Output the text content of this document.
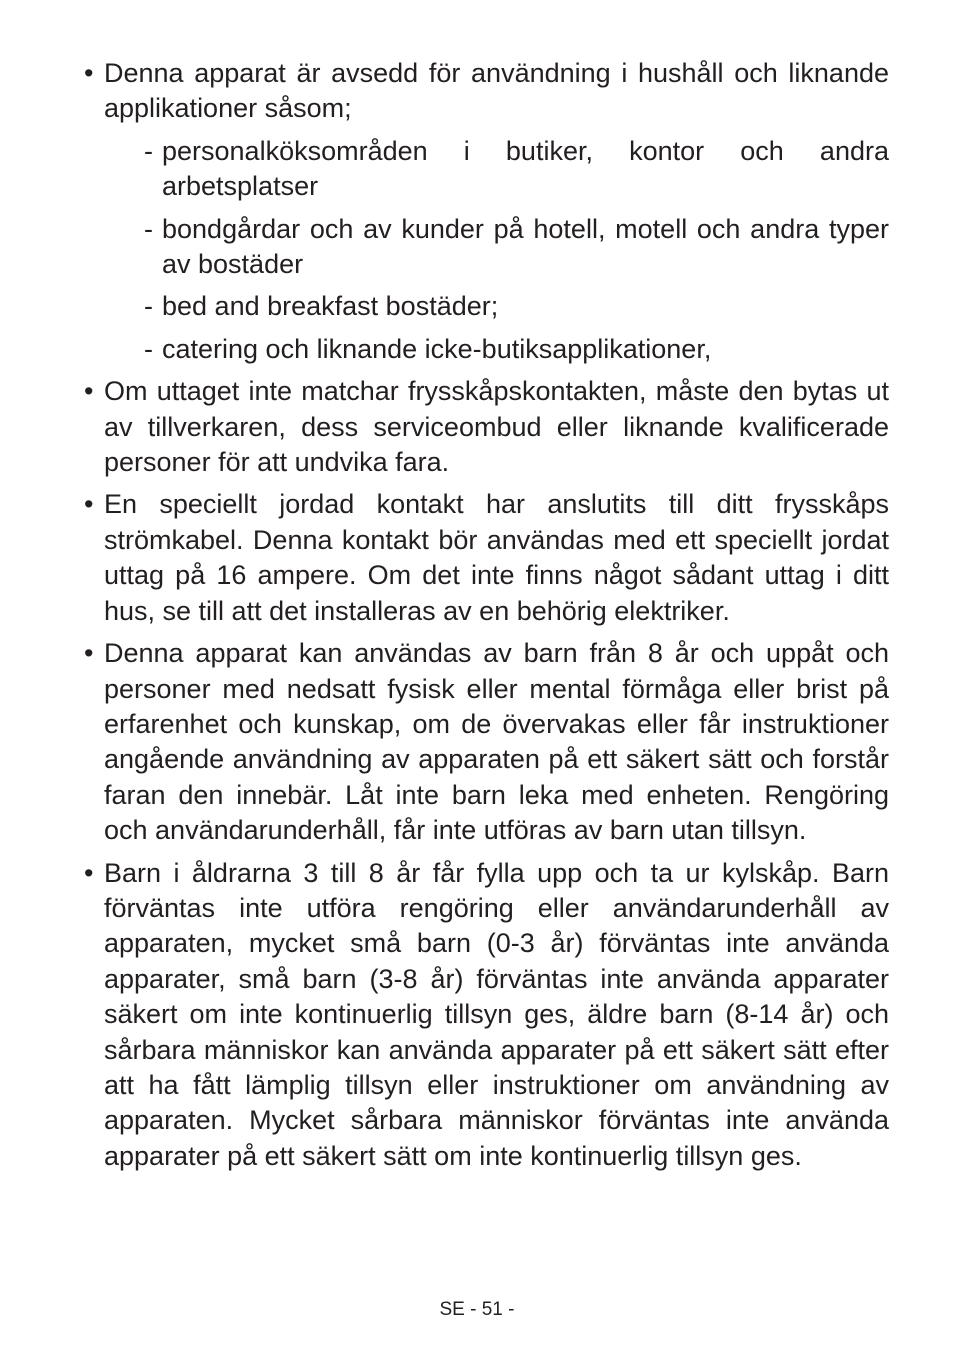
• Denna apparat är avsedd för användning i hushåll och liknande applikationer såsom;
- personalköksområden i butiker, kontor och andra arbetsplatser
- bondgårdar och av kunder på hotell, motell och andra typer av bostäder
- bed and breakfast bostäder;
- catering och liknande icke-butiksapplikationer,
• Om uttaget inte matchar frysskåpskontakten, måste den bytas ut av tillverkaren, dess serviceombud eller liknande kvalificerade personer för att undvika fara.
• En speciellt jordad kontakt har anslutits till ditt frysskåps strömkabel. Denna kontakt bör användas med ett speciellt jordat uttag på 16 ampere. Om det inte finns något sådant uttag i ditt hus, se till att det installeras av en behörig elektriker.
• Denna apparat kan användas av barn från 8 år och uppåt och personer med nedsatt fysisk eller mental förmåga eller brist på erfarenhet och kunskap, om de övervakas eller får instruktioner angående användning av apparaten på ett säkert sätt och forstår faran den innebär. Låt inte barn leka med enheten. Rengöring och användarunderhåll, får inte utföras av barn utan tillsyn.
• Barn i åldrarna 3 till 8 år får fylla upp och ta ur kylskåp. Barn förväntas inte utföra rengöring eller användarunderhåll av apparaten, mycket små barn (0-3 år) förväntas inte använda apparater, små barn (3-8 år) förväntas inte använda apparater säkert om inte kontinuerlig tillsyn ges, äldre barn (8-14 år) och sårbara människor kan använda apparater på ett säkert sätt efter att ha fått lämplig tillsyn eller instruktioner om användning av apparaten. Mycket sårbara människor förväntas inte använda apparater på ett säkert sätt om inte kontinuerlig tillsyn ges.
SE - 51 -
